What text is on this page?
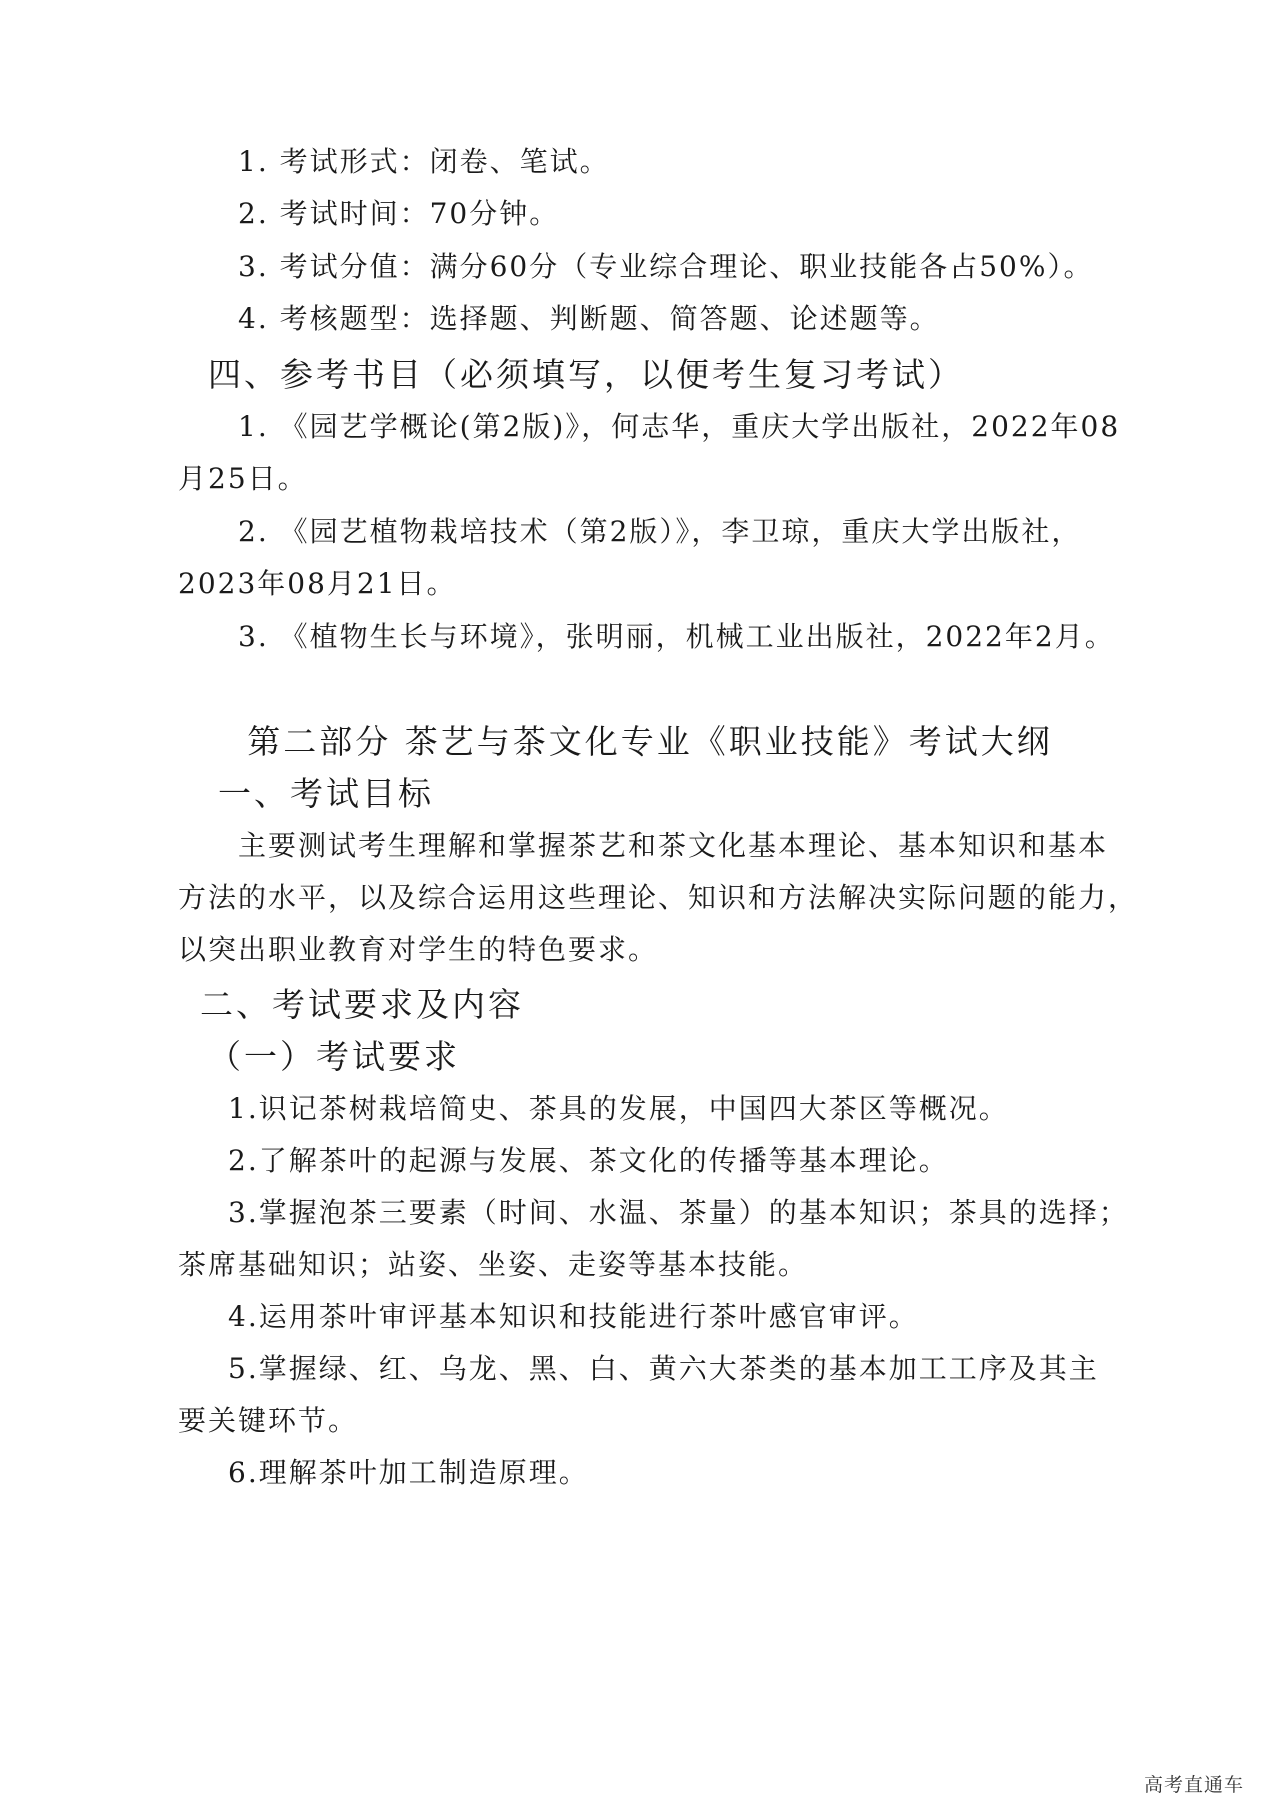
1. 考试形式：闭卷、笔试。
2. 考试时间：70分钟。
3. 考试分值：满分60分（专业综合理论、职业技能各占50%）。
4. 考核题型：选择题、判断题、简答题、论述题等。
四、参考书目（必须填写，以便考生复习考试）
1. 《园艺学概论(第2版)》，何志华，重庆大学出版社，2022年08
月25日。
2. 《园艺植物栽培技术（第2版）》，李卫琼，重庆大学出版社，
2023年08月21日。
3. 《植物生长与环境》，张明丽，机械工业出版社，2022年2月。
第二部分 茶艺与茶文化专业《职业技能》考试大纲
一、考试目标
主要测试考生理解和掌握茶艺和茶文化基本理论、基本知识和基本
方法的水平，以及综合运用这些理论、知识和方法解决实际问题的能力，
以突出职业教育对学生的特色要求。
二、考试要求及内容
（一）考试要求
1.识记茶树栽培简史、茶具的发展，中国四大茶区等概况。
2.了解茶叶的起源与发展、茶文化的传播等基本理论。
3.掌握泡茶三要素（时间、水温、茶量）的基本知识；茶具的选择；
茶席基础知识；站姿、坐姿、走姿等基本技能。
4.运用茶叶审评基本知识和技能进行茶叶感官审评。
5.掌握绿、红、乌龙、黑、白、黄六大茶类的基本加工工序及其主
要关键环节。
6.理解茶叶加工制造原理。
高考直通车
